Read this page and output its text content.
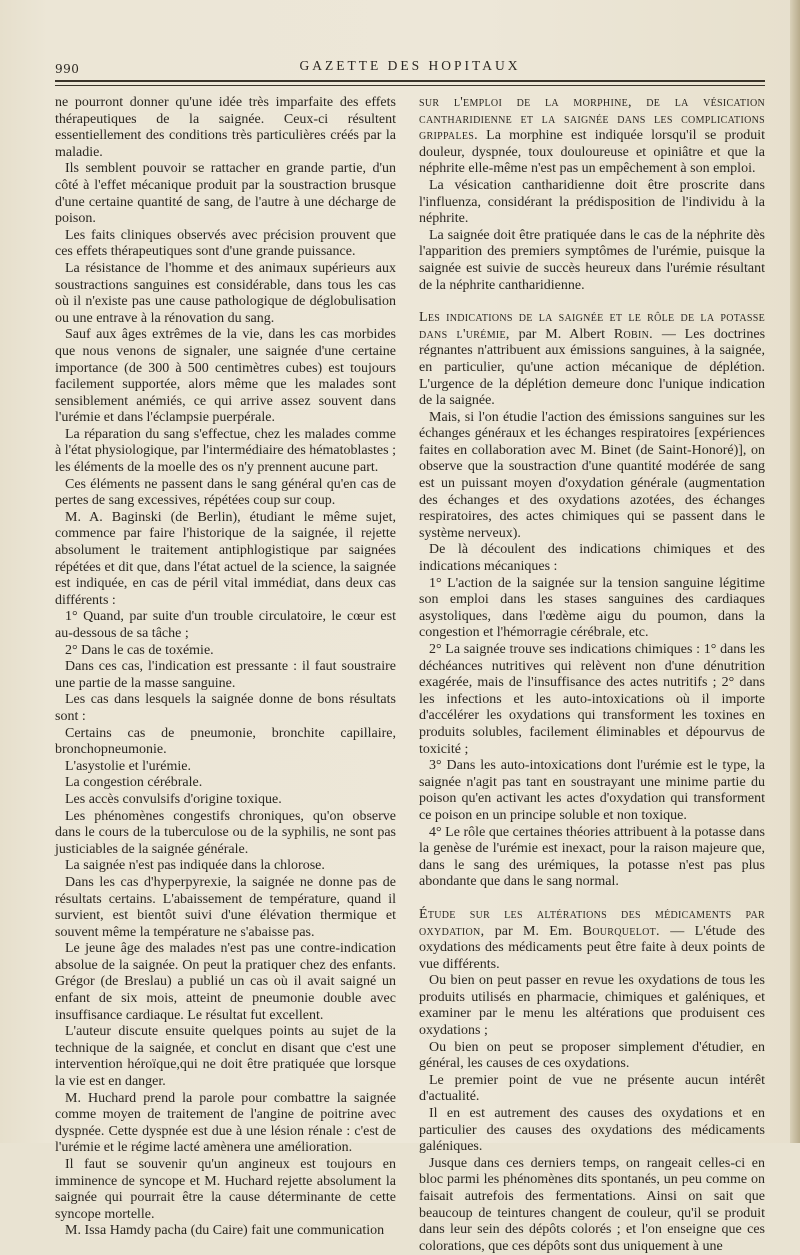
990	GAZETTE DES HOPITAUX

ne pourront donner qu'une idée très imparfaite des effets thérapeutiques de la saignée. Ceux-ci résultent essentiellement des conditions très particulières créés par la maladie.

Ils semblent pouvoir se rattacher en grande partie, d'un côté à l'effet mécanique produit par la soustraction brusque d'une certaine quantité de sang, de l'autre à une décharge de poison.

Les faits cliniques observés avec précision prouvent que ces effets thérapeutiques sont d'une grande puissance.

La résistance de l'homme et des animaux supérieurs aux soustractions sanguines est considérable, dans tous les cas où il n'existe pas une cause pathologique de déglobulisation ou une entrave à la rénovation du sang.

Sauf aux âges extrêmes de la vie, dans les cas morbides que nous venons de signaler, une saignée d'une certaine importance (de 300 à 500 centimètres cubes) est toujours facilement supportée, alors même que les malades sont sensiblement anémiés, ce qui arrive assez souvent dans l'urémie et dans l'éclampsie puerpérale.

La réparation du sang s'effectue, chez les malades comme à l'état physiologique, par l'intermédiaire des hématoblastes ; les éléments de la moelle des os n'y prennent aucune part.

Ces éléments ne passent dans le sang général qu'en cas de pertes de sang excessives, répétées coup sur coup.

M. A. Baginski (de Berlin), étudiant le même sujet, commence par faire l'historique de la saignée, il rejette absolument le traitement antiphlogistique par saignées répétées et dit que, dans l'état actuel de la science, la saignée est indiquée, en cas de péril vital immédiat, dans deux cas différents :

1° Quand, par suite d'un trouble circulatoire, le cœur est au-dessous de sa tâche ;

2° Dans le cas de toxémie.

Dans ces cas, l'indication est pressante : il faut soustraire une partie de la masse sanguine.

Les cas dans lesquels la saignée donne de bons résultats sont :

Certains cas de pneumonie, bronchite capillaire, bronchopneumonie.

L'asystolie et l'urémie.

La congestion cérébrale.

Les accès convulsifs d'origine toxique.

Les phénomènes congestifs chroniques, qu'on observe dans le cours de la tuberculose ou de la syphilis, ne sont pas justiciables de la saignée générale.

La saignée n'est pas indiquée dans la chlorose.

Dans les cas d'hyperpyrexie, la saignée ne donne pas de résultats certains. L'abaissement de température, quand il survient, est bientôt suivi d'une élévation thermique et souvent même la température ne s'abaisse pas.

Le jeune âge des malades n'est pas une contre-indication absolue de la saignée. On peut la pratiquer chez des enfants. Grégor (de Breslau) a publié un cas où il avait saigné un enfant de six mois, atteint de pneumonie double avec insuffisance cardiaque. Le résultat fut excellent.

L'auteur discute ensuite quelques points au sujet de la technique de la saignée, et conclut en disant que c'est une intervention héroïque,qui ne doit être pratiquée que lorsque la vie est en danger.

M. Huchard prend la parole pour combattre la saignée comme moyen de traitement de l'angine de poitrine avec dyspnée. Cette dyspnée est due à une lésion rénale : c'est de l'urémie et le régime lacté amènera une amélioration.

Il faut se souvenir qu'un angineux est toujours en imminence de syncope et M. Huchard rejette absolument la saignée qui pourrait être la cause déterminante de cette syncope mortelle.

M. Issa Hamdy pacha (du Caire) fait une communication

sur l'emploi de la morphine, de la vésication cantharidienne et la saignée dans les complications grippales. La morphine est indiquée lorsqu'il se produit douleur, dyspnée, toux douloureuse et opiniâtre et que la néphrite elle-même n'est pas un empêchement à son emploi.

La vésication cantharidienne doit être proscrite dans l'influenza, considérant la prédisposition de l'individu à la néphrite.

La saignée doit être pratiquée dans le cas de la néphrite dès l'apparition des premiers symptômes de l'urémie, puisque la saignée est suivie de succès heureux dans l'urémie résultant de la néphrite cantharidienne.

Les indications de la saignée et le rôle de la potasse dans l'urémie, par M. Albert Robin. — Les doctrines régnantes n'attribuent aux émissions sanguines, à la saignée, en particulier, qu'une action mécanique de déplétion. L'urgence de la déplétion demeure donc l'unique indication de la saignée.

Mais, si l'on étudie l'action des émissions sanguines sur les échanges généraux et les échanges respiratoires [expériences faites en collaboration avec M. Binet (de Saint-Honoré)], on observe que la soustraction d'une quantité modérée de sang est un puissant moyen d'oxydation générale (augmentation des échanges et des oxydations azotées, des échanges respiratoires, des actes chimiques qui se passent dans le système nerveux).

De là découlent des indications chimiques et des indications mécaniques :

1° L'action de la saignée sur la tension sanguine légitime son emploi dans les stases sanguines des cardiaques asystoliques, dans l'œdème aigu du poumon, dans la congestion et l'hémorragie cérébrale, etc.

2° La saignée trouve ses indications chimiques : 1° dans les déchéances nutritives qui relèvent non d'une dénutrition exagérée, mais de l'insuffisance des actes nutritifs ; 2° dans les infections et les auto-intoxications où il importe d'accélérer les oxydations qui transforment les toxines en produits solubles, facilement éliminables et dépourvus de toxicité ;

3° Dans les auto-intoxications dont l'urémie est le type, la saignée n'agit pas tant en soustrayant une minime partie du poison qu'en activant les actes d'oxydation qui transforment ce poison en un principe soluble et non toxique.

4° Le rôle que certaines théories attribuent à la potasse dans la genèse de l'urémie est inexact, pour la raison majeure que, dans le sang des urémiques, la potasse n'est pas plus abondante que dans le sang normal.

Étude sur les altérations des médicaments par oxydation, par M. Em. Bourquelot. — L'étude des oxydations des médicaments peut être faite à deux points de vue différents.

Ou bien on peut passer en revue les oxydations de tous les produits utilisés en pharmacie, chimiques et galéniques, et examiner par le menu les altérations que produisent ces oxydations ;

Ou bien on peut se proposer simplement d'étudier, en général, les causes de ces oxydations.

Le premier point de vue ne présente aucun intérêt d'actualité.

Il en est autrement des causes des oxydations et en particulier des causes des oxydations des médicaments galéniques.

Jusque dans ces derniers temps, on rangeait celles-ci en bloc parmi les phénomènes dits spontanés, un peu comme on faisait autrefois des fermentations. Ainsi on sait que beaucoup de teintures changent de couleur, qu'il se produit dans leur sein des dépôts colorés ; et l'on enseigne que ces colorations, que ces dépôts sont dus uniquement à une
